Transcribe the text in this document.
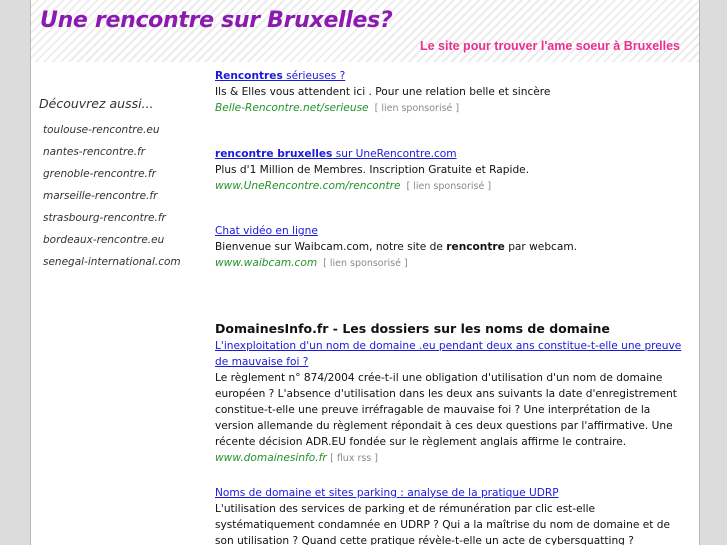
Une rencontre sur Bruxelles?
Le site pour trouver l'ame soeur à Bruxelles
Découvrez aussi...
toulouse-rencontre.eu
nantes-rencontre.fr
grenoble-rencontre.fr
marseille-rencontre.fr
strasbourg-rencontre.fr
bordeaux-rencontre.eu
senegal-international.com
Rencontres sérieuses ?
Ils & Elles vous attendent ici . Pour une relation belle et sincère
Belle-Rencontre.net/serieuse [ lien sponsorisé ]
rencontre bruxelles sur UneRencontre.com
Plus d'1 Million de Membres. Inscription Gratuite et Rapide.
www.UneRencontre.com/rencontre [ lien sponsorisé ]
Chat vidéo en ligne
Bienvenue sur Waibcam.com, notre site de rencontre par webcam.
www.waibcam.com [ lien sponsorisé ]
DomainesInfo.fr - Les dossiers sur les noms de domaine
L'inexploitation d'un nom de domaine .eu pendant deux ans constitue-t-elle une preuve de mauvaise foi ?

Le règlement n° 874/2004 crée-t-il une obligation d'utilisation d'un nom de domaine européen ? L'absence d'utilisation dans les deux ans suivants la date d'enregistrement constitue-t-elle une preuve irréfragable de mauvaise foi ? Une interprétation de la version allemande du règlement répondait à ces deux questions par l'affirmative. Une récente décision ADR.EU fondée sur le règlement anglais affirme le contraire.

www.domainesinfo.fr [ flux rss ]
Noms de domaine et sites parking : analyse de la pratique UDRP

L'utilisation des services de parking et de rémunération par clic est-elle systématiquement condamnée en UDRP ? Qui a la maîtrise du nom de domaine et de son utilisation ? Quand cette pratique révèle-t-elle un acte de cybersquatting ?
